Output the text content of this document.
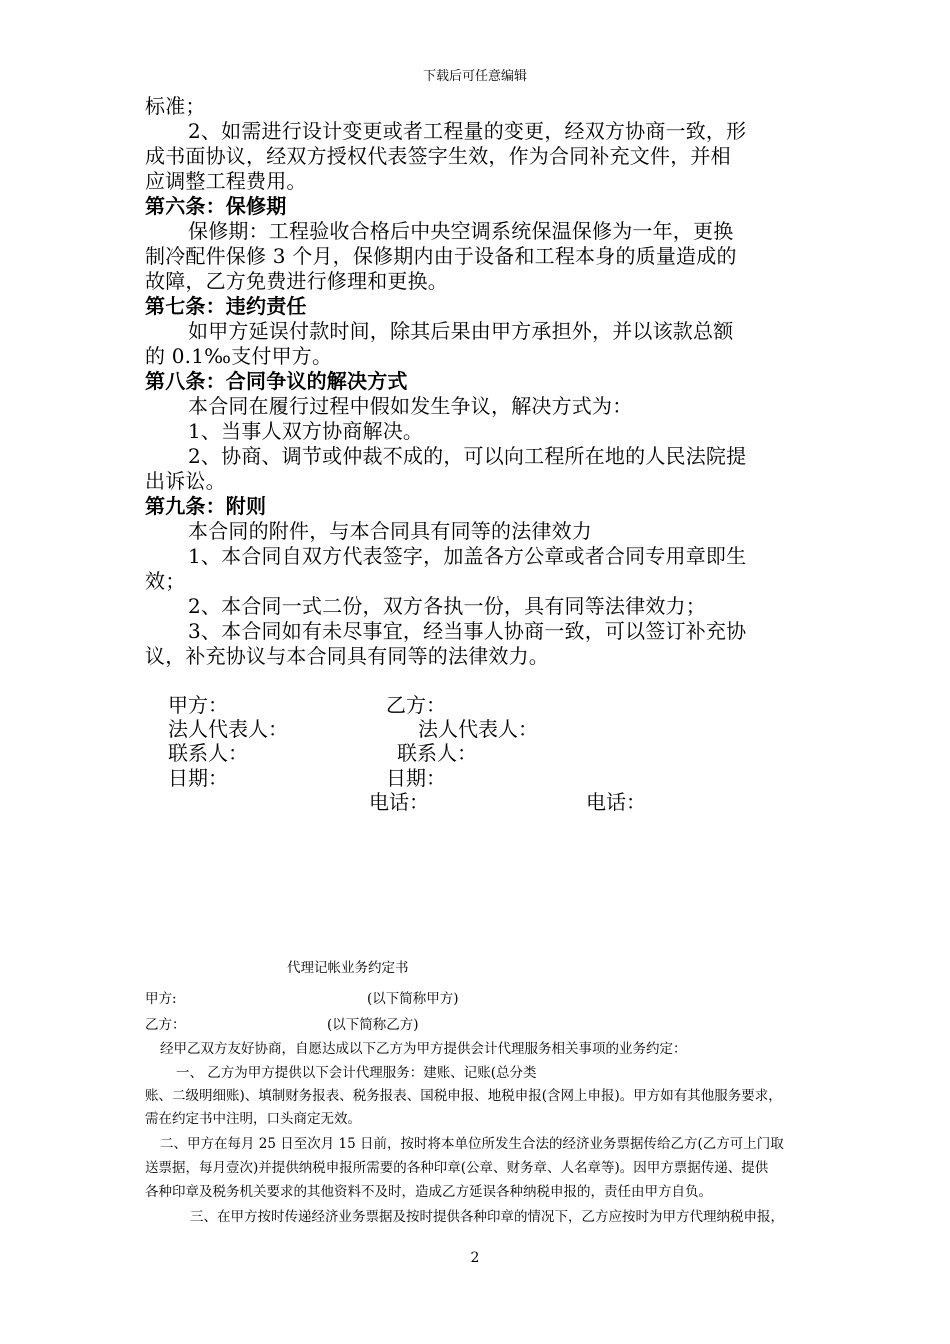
下载后可任意编辑
标准；
2、如需进行设计变更或者工程量的变更，经双方协商一致，形
成书面协议，经双方授权代表签字生效，作为合同补充文件，并相
应调整工程费用。
第六条：保修期
保修期：工程验收合格后中央空调系统保温保修为一年，更换
制冷配件保修 3 个月，保修期内由于设备和工程本身的质量造成的
故障，乙方免费进行修理和更换。
第七条：违约责任
如甲方延误付款时间，除其后果由甲方承担外，并以该款总额
的 0.1‰支付甲方。
第八条：合同争议的解决方式
本合同在履行过程中假如发生争议，解决方式为：
1、当事人双方协商解决。
2、协商、调节或仲裁不成的，可以向工程所在地的人民法院提
出诉讼。
第九条：附则
本合同的附件，与本合同具有同等的法律效力
1、本合同自双方代表签字，加盖各方公章或者合同专用章即生
效；
2、本合同一式二份，双方各执一份，具有同等法律效力；
3、本合同如有未尽事宜，经当事人协商一致，可以签订补充协
议，补充协议与本合同具有同等的法律效力。
甲方：	乙方：
法人代表人：	法人代表人：
联系人：	联系人：
日期：	日期：
电话：	电话：
代理记帐业务约定书
甲方:	(以下简称甲方)
乙方：	(以下简称乙方)
经甲乙双方友好协商，自愿达成以下乙方为甲方提供会计代理服务相关事项的业务约定：
一、 乙方为甲方提供以下会计代理服务：建账、记账(总分类
账、二级明细账)、填制财务报表、税务报表、国税申报、地税申报(含网上申报)。甲方如有其他服务要求，
需在约定书中注明，口头商定无效。
二、甲方在每月 25 日至次月 15 日前，按时将本单位所发生合法的经济业务票据传给乙方(乙方可上门取
送票据，每月壹次)并提供纳税申报所需要的各种印章(公章、财务章、人名章等)。因甲方票据传递、提供
各种印章及税务机关要求的其他资料不及时，造成乙方延误各种纳税申报的，责任由甲方自负。
三、在甲方按时传递经济业务票据及按时提供各种印章的情况下，乙方应按时为甲方代理纳税申报，
2
